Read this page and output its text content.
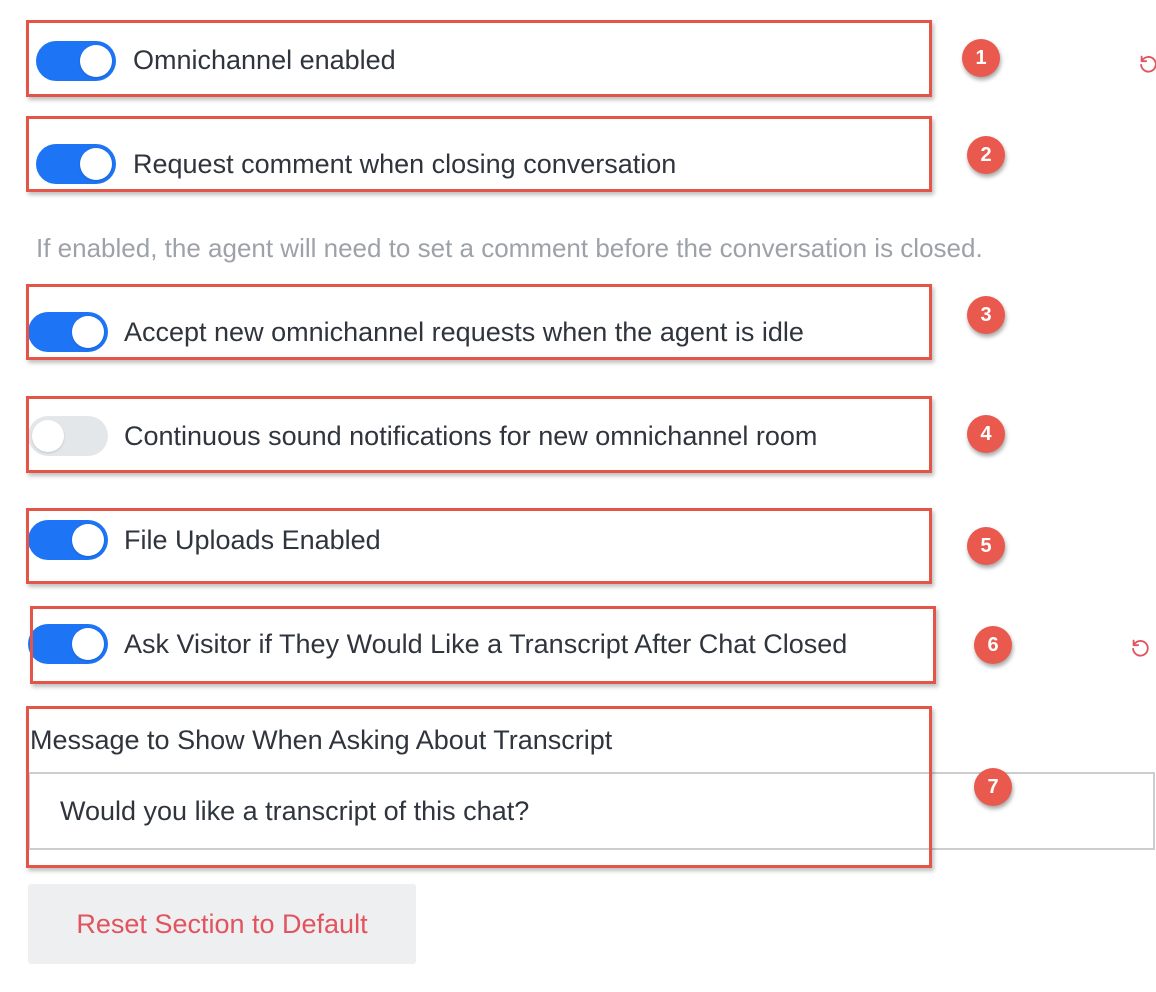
Omnichannel enabled	1
Request comment when closing conversation	2
If enabled, the agent will need to set a comment before the conversation is closed.
Accept new omnichannel requests when the agent is idle
3
Continuous sound notifications for new omnichannel room	4
File Uploads Enabled	5
Ask Visitor if They Would Like a Transcript After Chat Closed	6
Message to Show When Asking About Transcript
Would you like a transcript of this chat?
7
Reset Section to Default
